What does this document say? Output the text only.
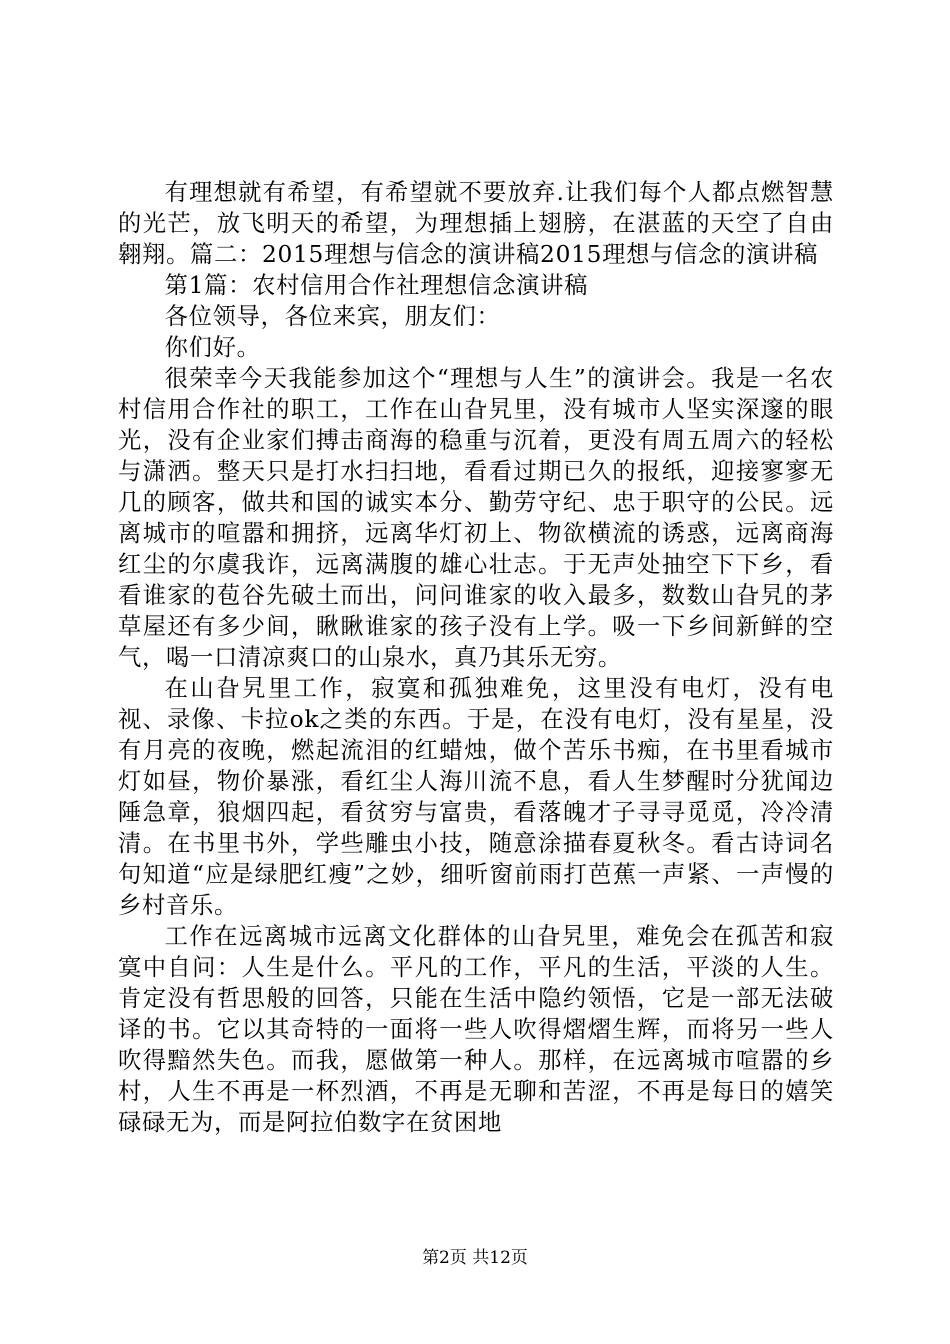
有理想就有希望，有希望就不要放弃.让我们每个人都点燃智慧的光芒，放飞明天的希望，为理想插上翅膀，在湛蓝的天空了自由翱翔。篇二：2015理想与信念的演讲稿2015理想与信念的演讲稿

第1篇：农村信用合作社理想信念演讲稿

各位领导，各位来宾，朋友们：

你们好。

很荣幸今天我能参加这个“理想与人生”的演讲会。我是一名农村信用合作社的职工，工作在山旮旯里，没有城市人坚实深邃的眼光，没有企业家们搏击商海的稳重与沉着，更没有周五周六的轻松与潇洒。整天只是打水扫扫地，看看过期已久的报纸，迎接寥寥无几的顾客，做共和国的诚实本分、勤劳守纪、忠于职守的公民。远离城市的喧嚣和拥挤，远离华灯初上、物欲横流的诱惑，远离商海红尘的尔虞我诈，远离满腹的雄心壮志。于无声处抽空下下乡，看看谁家的苞谷先破土而出，问问谁家的收入最多，数数山旮旯的茅草屋还有多少间，瞅瞅谁家的孩子没有上学。吸一下乡间新鲜的空气，喝一口清凉爽口的山泉水，真乃其乐无穷。

在山旮旯里工作，寂寞和孤独难免，这里没有电灯，没有电视、录像、卡拉ok之类的东西。于是，在没有电灯，没有星星，没有月亮的夜晚，燃起流泪的红蜡烛，做个苦乐书痴，在书里看城市灯如昼，物价暴涨，看红尘人海川流不息，看人生梦醒时分犹闻边陲急章，狼烟四起，看贫穷与富贵，看落魄才子寻寻觅觅，冷冷清清。在书里书外，学些雕虫小技，随意涂描春夏秋冬。看古诗词名句知道“应是绿肥红瘦”之妙，细听窗前雨打芭蕉一声紧、一声慢的乡村音乐。

工作在远离城市远离文化群体的山旮旯里，难免会在孤苦和寂寞中自问：人生是什么。平凡的工作，平凡的生活，平淡的人生。肯定没有哲思般的回答，只能在生活中隐约领悟，它是一部无法破译的书。它以其奇特的一面将一些人吹得熠熠生辉，而将另一些人吹得黯然失色。而我，愿做第一种人。那样，在远离城市喧嚣的乡村，人生不再是一杯烈酒，不再是无聊和苦涩，不再是每日的嬉笑碌碌无为，而是阿拉伯数字在贫困地

第2页 共12页
